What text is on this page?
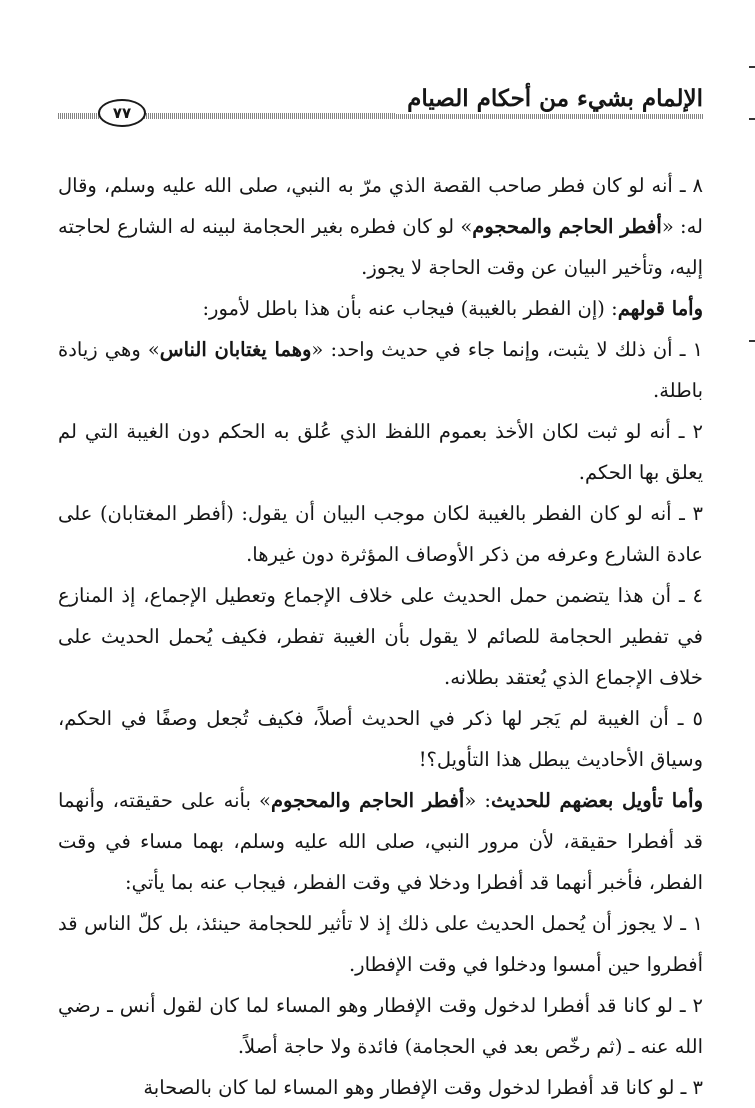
الإلمام بشيء من أحكام الصيام
٧٧

٨ ـ أنه لو كان فطر صاحب القصة الذي مرّ به النبي، صلى الله عليه وسلم، وقال له: «أفطر الحاجم والمحجوم» لو كان فطره بغير الحجامة لبينه له الشارع لحاجته إليه، وتأخير البيان عن وقت الحاجة لا يجوز.

وأما قولهم: (إن الفطر بالغيبة) فيجاب عنه بأن هذا باطل لأمور:

١ ـ أن ذلك لا يثبت، وإنما جاء في حديث واحد: «وهما يغتابان الناس» وهي زيادة باطلة.

٢ ـ أنه لو ثبت لكان الأخذ بعموم اللفظ الذي عُلق به الحكم دون الغيبة التي لم يعلق بها الحكم.

٣ ـ أنه لو كان الفطر بالغيبة لكان موجب البيان أن يقول: (أفطر المغتابان) على عادة الشارع وعرفه من ذكر الأوصاف المؤثرة دون غيرها.

٤ ـ أن هذا يتضمن حمل الحديث على خلاف الإجماع وتعطيل الإجماع، إذ المنازع في تفطير الحجامة للصائم لا يقول بأن الغيبة تفطر، فكيف يُحمل الحديث على خلاف الإجماع الذي يُعتقد بطلانه.

٥ ـ أن الغيبة لم يَجر لها ذكر في الحديث أصلاً، فكيف تُجعل وصفًا في الحكم، وسياق الأحاديث يبطل هذا التأويل؟!

وأما تأويل بعضهم للحديث: «أفطر الحاجم والمحجوم» بأنه على حقيقته، وأنهما قد أفطرا حقيقة، لأن مرور النبي، صلى الله عليه وسلم، بهما مساء في وقت الفطر، فأخبر أنهما قد أفطرا ودخلا في وقت الفطر، فيجاب عنه بما يأتي:

١ ـ لا يجوز أن يُحمل الحديث على ذلك إذ لا تأثير للحجامة حينئذ، بل كلّ الناس قد أفطروا حين أمسوا ودخلوا في وقت الإفطار.

٢ ـ لو كانا قد أفطرا لدخول وقت الإفطار وهو المساء لما كان لقول أنس ـ رضي الله عنه ـ (ثم رخّص بعد في الحجامة) فائدة ولا حاجة أصلاً.

٣ ـ لو كانا قد أفطرا لدخول وقت الإفطار وهو المساء لما كان بالصحابة
